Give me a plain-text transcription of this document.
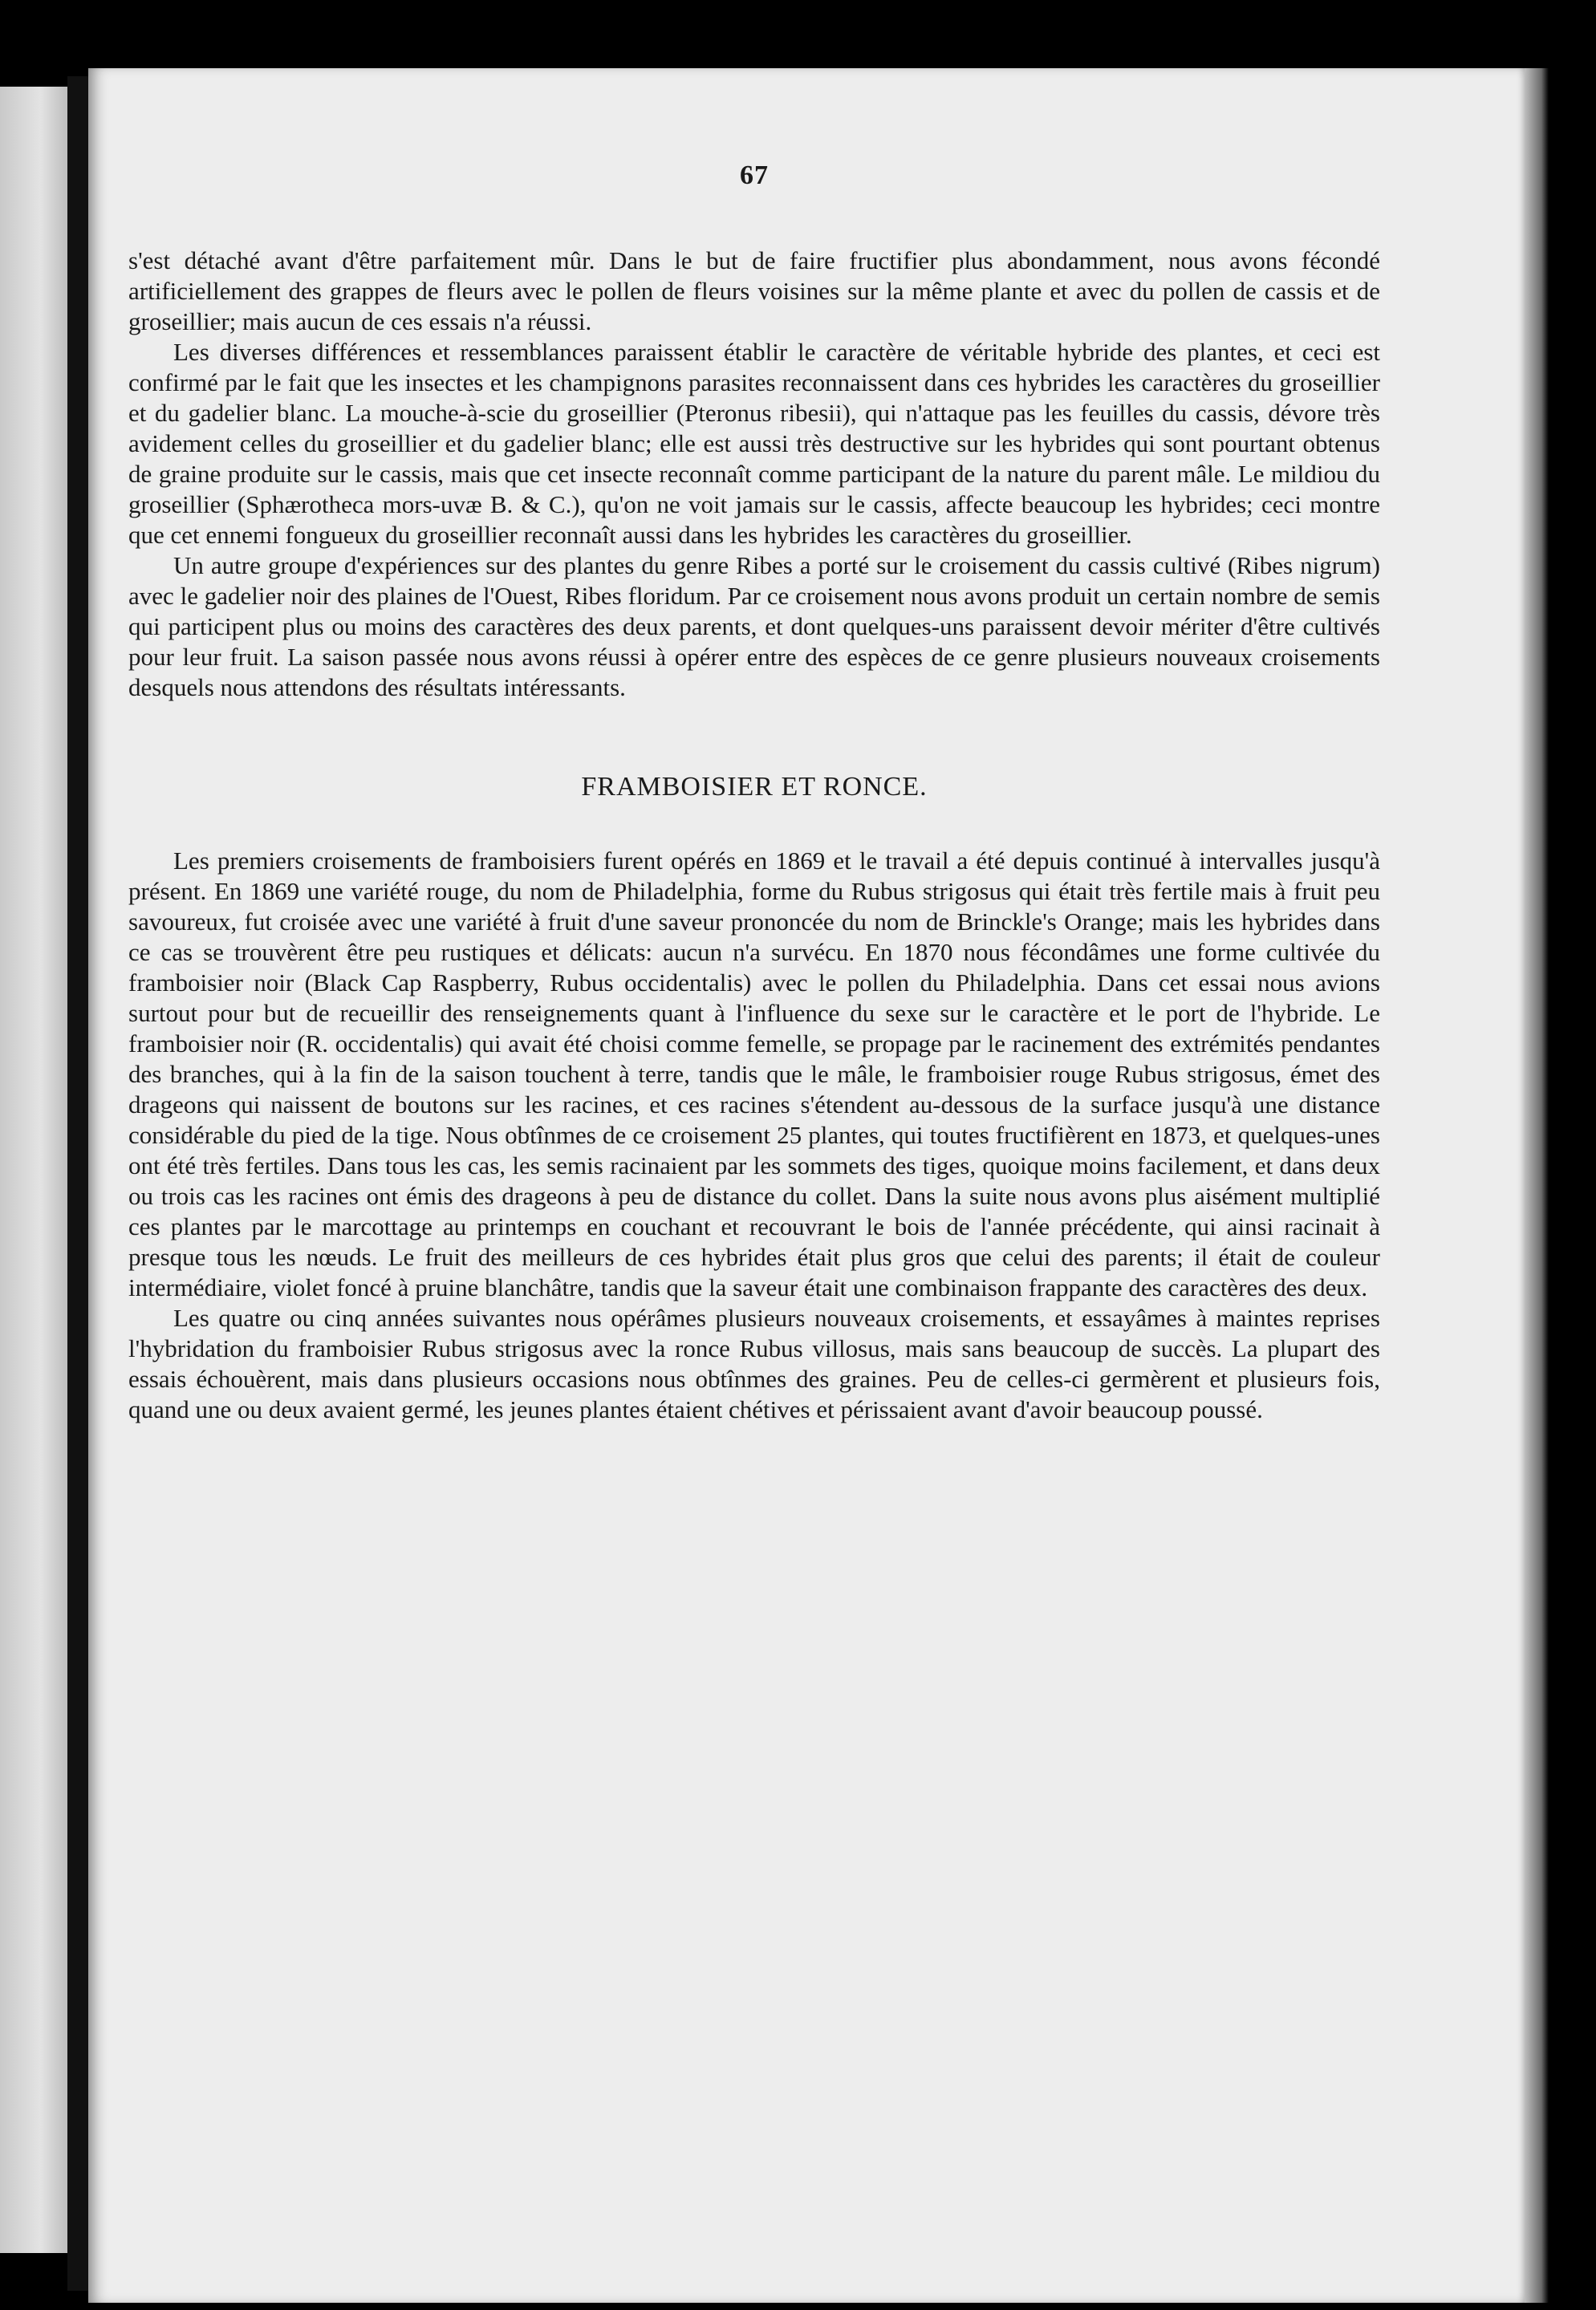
67

s'est détaché avant d'être parfaitement mûr. Dans le but de faire fructifier plus abondamment, nous avons fécondé artificiellement des grappes de fleurs avec le pollen de fleurs voisines sur la même plante et avec du pollen de cassis et de groseillier; mais aucun de ces essais n'a réussi.

Les diverses différences et ressemblances paraissent établir le caractère de véritable hybride des plantes, et ceci est confirmé par le fait que les insectes et les champignons parasites reconnaissent dans ces hybrides les caractères du groseillier et du gadelier blanc. La mouche-à-scie du groseillier (Pteronus ribesii), qui n'attaque pas les feuilles du cassis, dévore très avidement celles du groseillier et du gadelier blanc; elle est aussi très destructive sur les hybrides qui sont pourtant obtenus de graine produite sur le cassis, mais que cet insecte reconnaît comme participant de la nature du parent mâle. Le mildiou du groseillier (Sphærotheca mors-uvæ B. & C.), qu'on ne voit jamais sur le cassis, affecte beaucoup les hybrides; ceci montre que cet ennemi fongueux du groseillier reconnaît aussi dans les hybrides les caractères du groseillier.

Un autre groupe d'expériences sur des plantes du genre Ribes a porté sur le croisement du cassis cultivé (Ribes nigrum) avec le gadelier noir des plaines de l'Ouest, Ribes floridum. Par ce croisement nous avons produit un certain nombre de semis qui participent plus ou moins des caractères des deux parents, et dont quelques-uns paraissent devoir mériter d'être cultivés pour leur fruit. La saison passée nous avons réussi à opérer entre des espèces de ce genre plusieurs nouveaux croisements desquels nous attendons des résultats intéressants.

FRAMBOISIER ET RONCE.

Les premiers croisements de framboisiers furent opérés en 1869 et le travail a été depuis continué à intervalles jusqu'à présent. En 1869 une variété rouge, du nom de Philadelphia, forme du Rubus strigosus qui était très fertile mais à fruit peu savoureux, fut croisée avec une variété à fruit d'une saveur prononcée du nom de Brinckle's Orange; mais les hybrides dans ce cas se trouvèrent être peu rustiques et délicats: aucun n'a survécu. En 1870 nous fécondâmes une forme cultivée du framboisier noir (Black Cap Raspberry, Rubus occidentalis) avec le pollen du Philadelphia. Dans cet essai nous avions surtout pour but de recueillir des renseignements quant à l'influence du sexe sur le caractère et le port de l'hybride. Le framboisier noir (R. occidentalis) qui avait été choisi comme femelle, se propage par le racinement des extrémités pendantes des branches, qui à la fin de la saison touchent à terre, tandis que le mâle, le framboisier rouge Rubus strigosus, émet des drageons qui naissent de boutons sur les racines, et ces racines s'étendent au-dessous de la surface jusqu'à une distance considérable du pied de la tige. Nous obtînmes de ce croisement 25 plantes, qui toutes fructifièrent en 1873, et quelques-unes ont été très fertiles. Dans tous les cas, les semis racinaient par les sommets des tiges, quoique moins facilement, et dans deux ou trois cas les racines ont émis des drageons à peu de distance du collet. Dans la suite nous avons plus aisément multiplié ces plantes par le marcottage au printemps en couchant et recouvrant le bois de l'année précédente, qui ainsi racinait à presque tous les nœuds. Le fruit des meilleurs de ces hybrides était plus gros que celui des parents; il était de couleur intermédiaire, violet foncé à pruine blanchâtre, tandis que la saveur était une combinaison frappante des caractères des deux.

Les quatre ou cinq années suivantes nous opérâmes plusieurs nouveaux croisements, et essayâmes à maintes reprises l'hybridation du framboisier Rubus strigosus avec la ronce Rubus villosus, mais sans beaucoup de succès. La plupart des essais échouèrent, mais dans plusieurs occasions nous obtînmes des graines. Peu de celles-ci germèrent et plusieurs fois, quand une ou deux avaient germé, les jeunes plantes étaient chétives et périssaient avant d'avoir beaucoup poussé.
